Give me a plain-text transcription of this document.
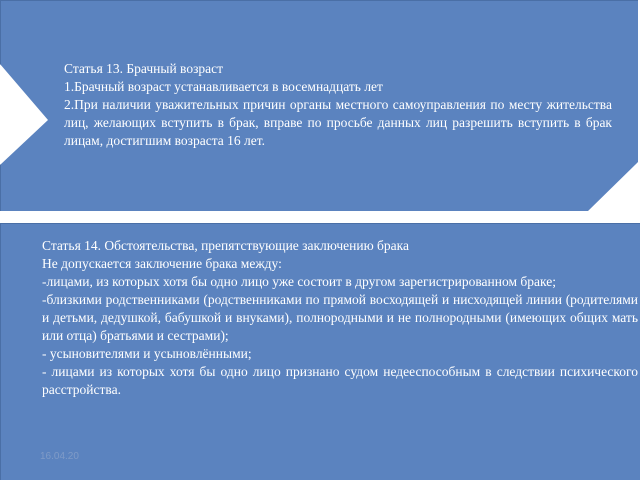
Статья 13. Брачный возраст
1.Брачный возраст устанавливается в восемнадцать лет
2.При наличии уважительных причин органы местного самоуправления по месту жительства лиц, желающих вступить в брак, вправе по просьбе данных лиц разрешить вступить в брак лицам, достигшим возраста 16 лет.
Статья 14. Обстоятельства, препятствующие заключению брака
Не допускается заключение брака между:
-лицами, из которых хотя бы одно лицо уже состоит в другом зарегистрированном браке;
-близкими родственниками (родственниками по прямой восходящей и нисходящей линии (родителями и детьми, дедушкой, бабушкой и внуками), полнородными и не полнородными (имеющих общих мать или отца) братьями и сестрами);
- усыновителями и усыновлёнными;
- лицами из которых хотя бы одно лицо признано судом недееспособным в следствии психического расстройства.
16.04.20
